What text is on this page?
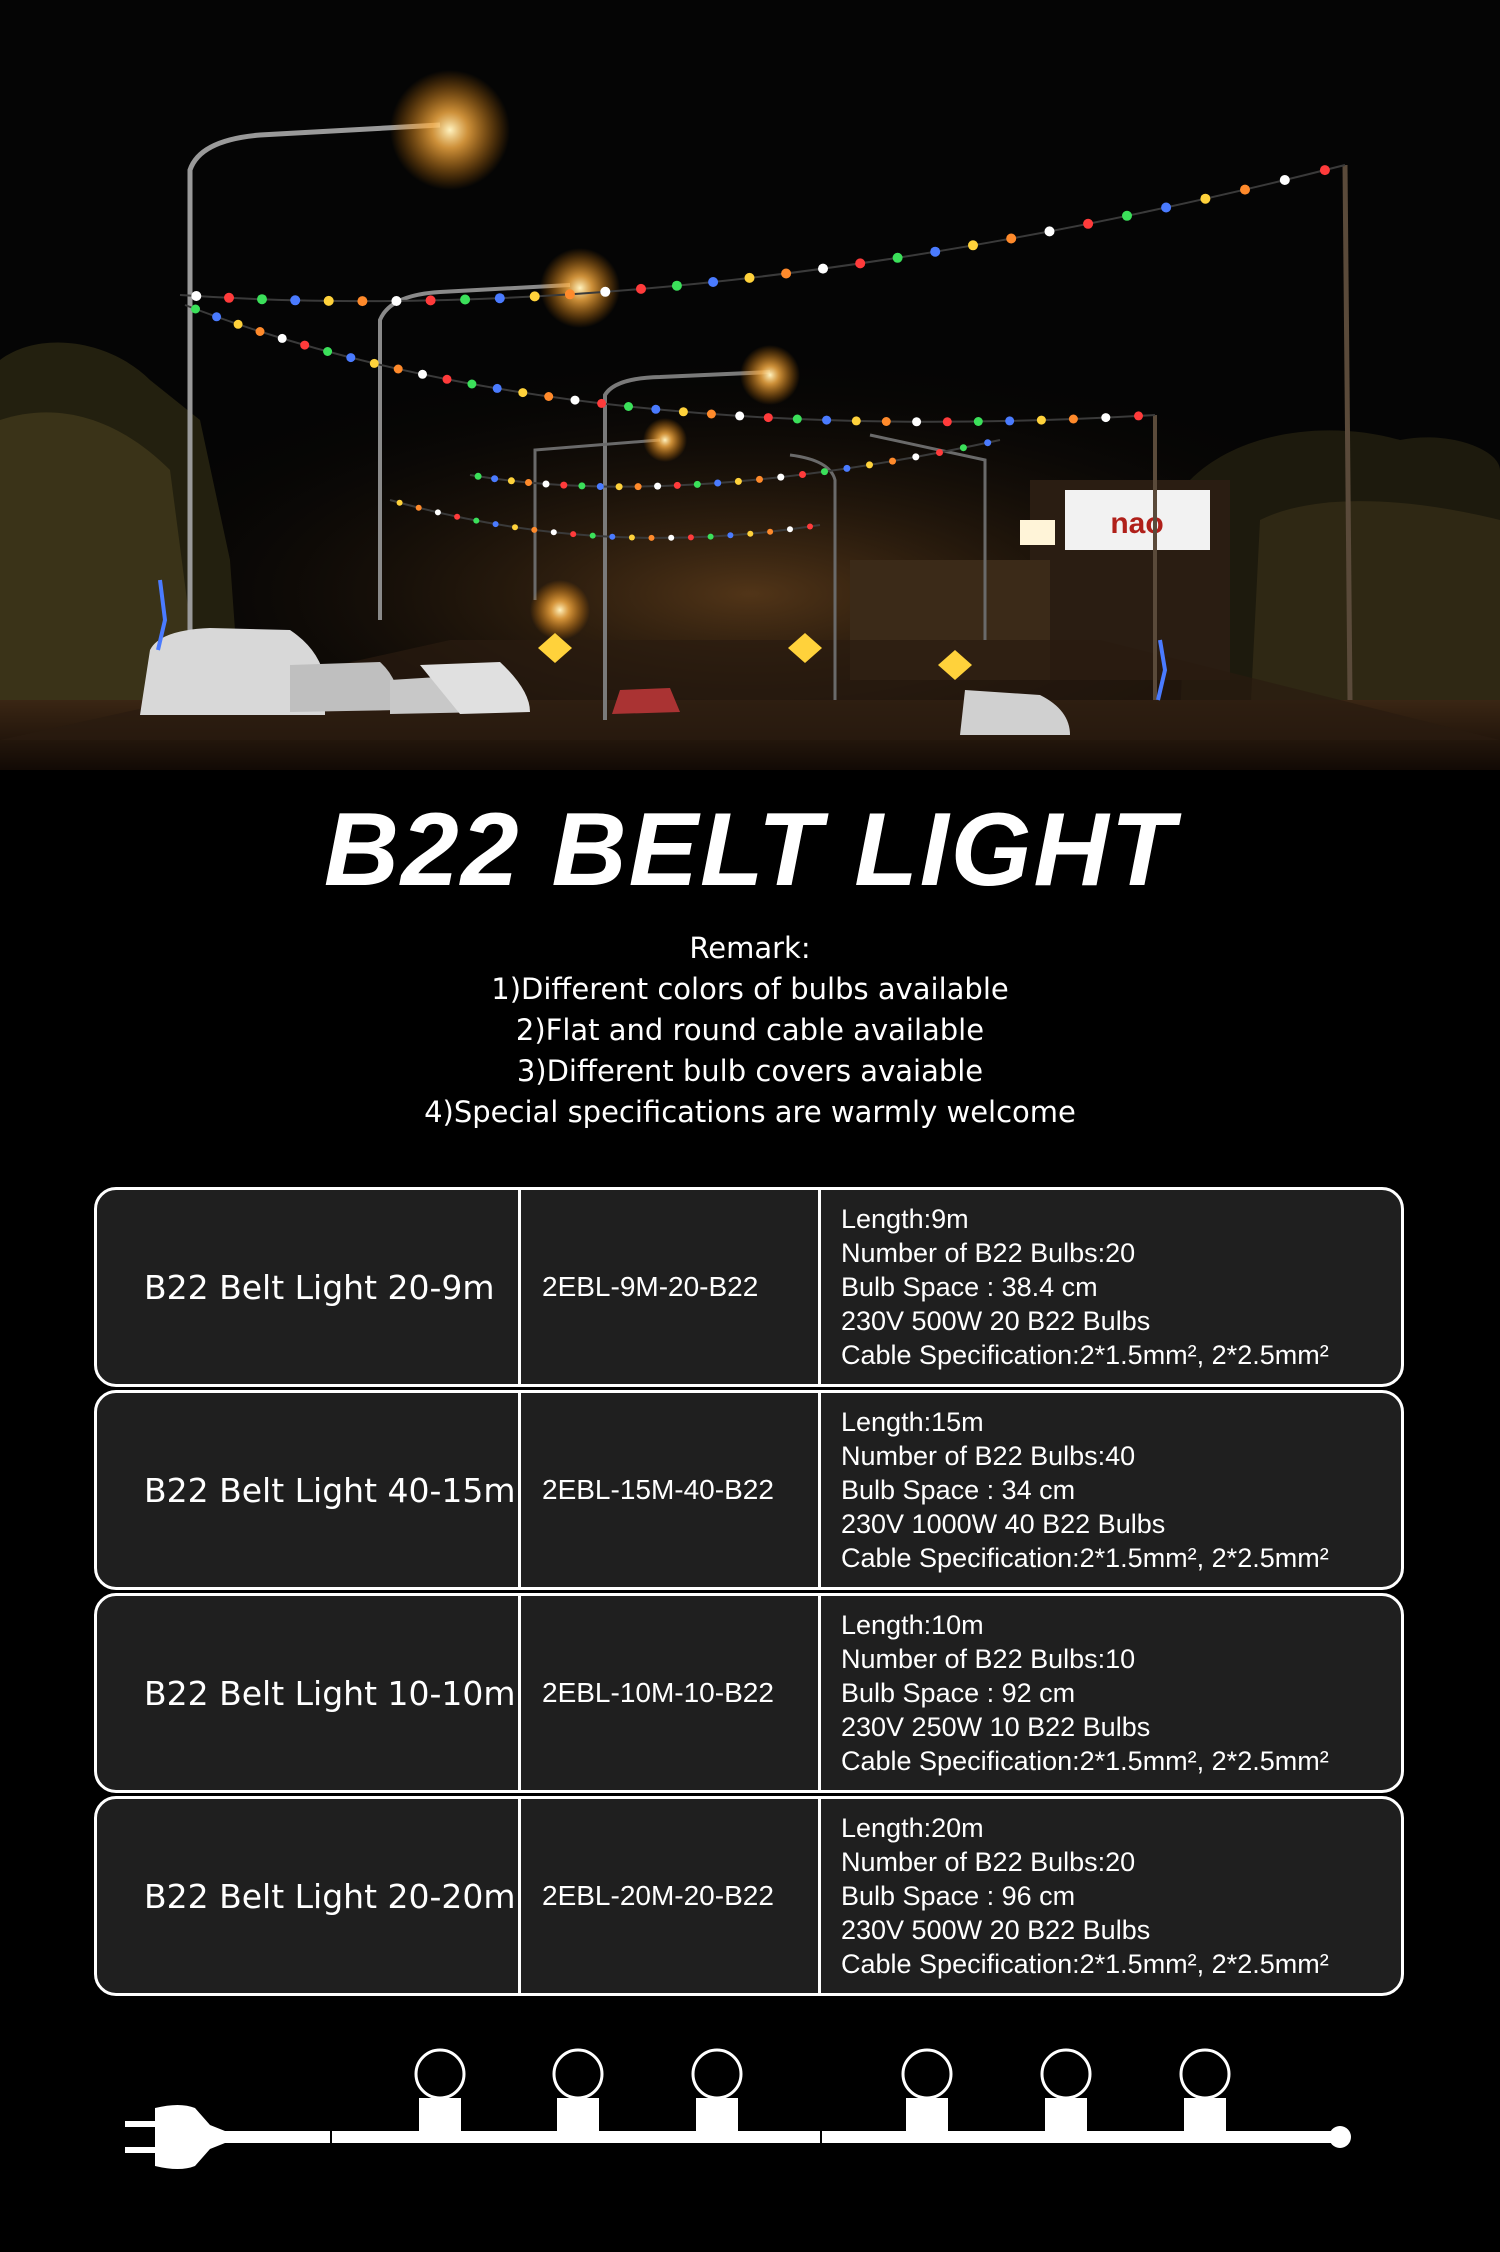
nao
B22 BELT LIGHT
Remark:
1)Different colors of bulbs available
2)Flat and round cable available
3)Different bulb covers avaiable
4)Special specifications are warmly welcome
B22 Belt Light 20-9m	2EBL-9M-20-B22
Length:9m
Number of B22 Bulbs:20
Bulb Space : 38.4 cm
230V 500W 20 B22 Bulbs
Cable Specification:2*1.5mm², 2*2.5mm²
B22 Belt Light 40-15m 2EBL-15M-40-B22
Length:15m
Number of B22 Bulbs:40
Bulb Space : 34 cm
230V 1000W 40 B22 Bulbs
Cable Specification:2*1.5mm², 2*2.5mm²
B22 Belt Light 10-10m 2EBL-10M-10-B22
Length:10m
Number of B22 Bulbs:10
Bulb Space : 92 cm
230V 250W 10 B22 Bulbs
Cable Specification:2*1.5mm², 2*2.5mm²
B22 Belt Light 20-20m 2EBL-20M-20-B22
Length:20m
Number of B22 Bulbs:20
Bulb Space : 96 cm
230V 500W 20 B22 Bulbs
Cable Specification:2*1.5mm², 2*2.5mm²
